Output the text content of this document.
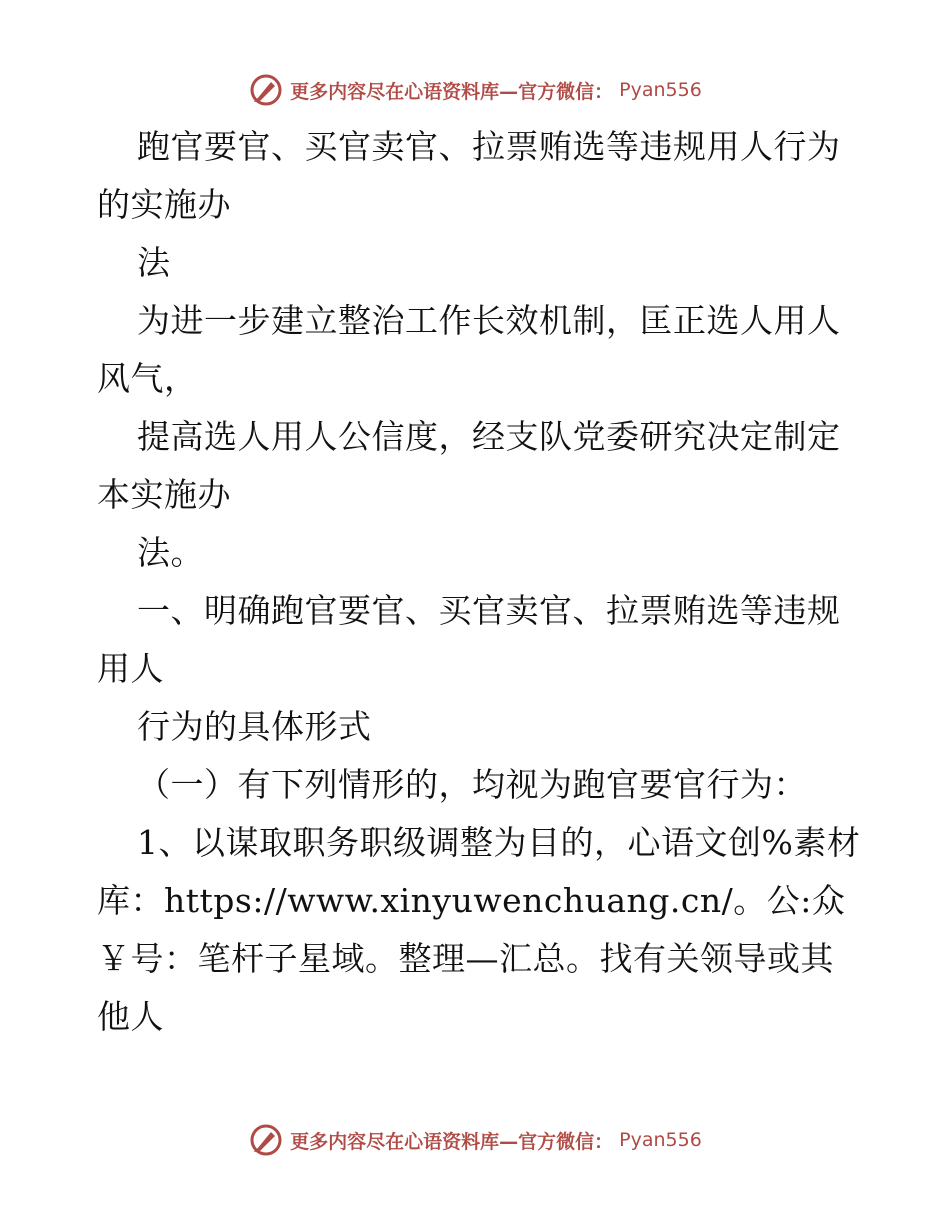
更多内容尽在心语资料库—官方微信： Pyan556
跑官要官、买官卖官、拉票贿选等违规用人行为
的实施办
法
为进一步建立整治工作长效机制，匡正选人用人
风气，
提高选人用人公信度，经支队党委研究决定制定
本实施办
法。
一、明确跑官要官、买官卖官、拉票贿选等违规
用人
行为的具体形式
（一）有下列情形的，均视为跑官要官行为：
1、以谋取职务职级调整为目的，心语文创%素材
库：https://www.xinyuwenchuang.cn/。公:众
￥号：笔杆子星域。整理—汇总。找有关领导或其
他人
更多内容尽在心语资料库—官方微信： Pyan556
